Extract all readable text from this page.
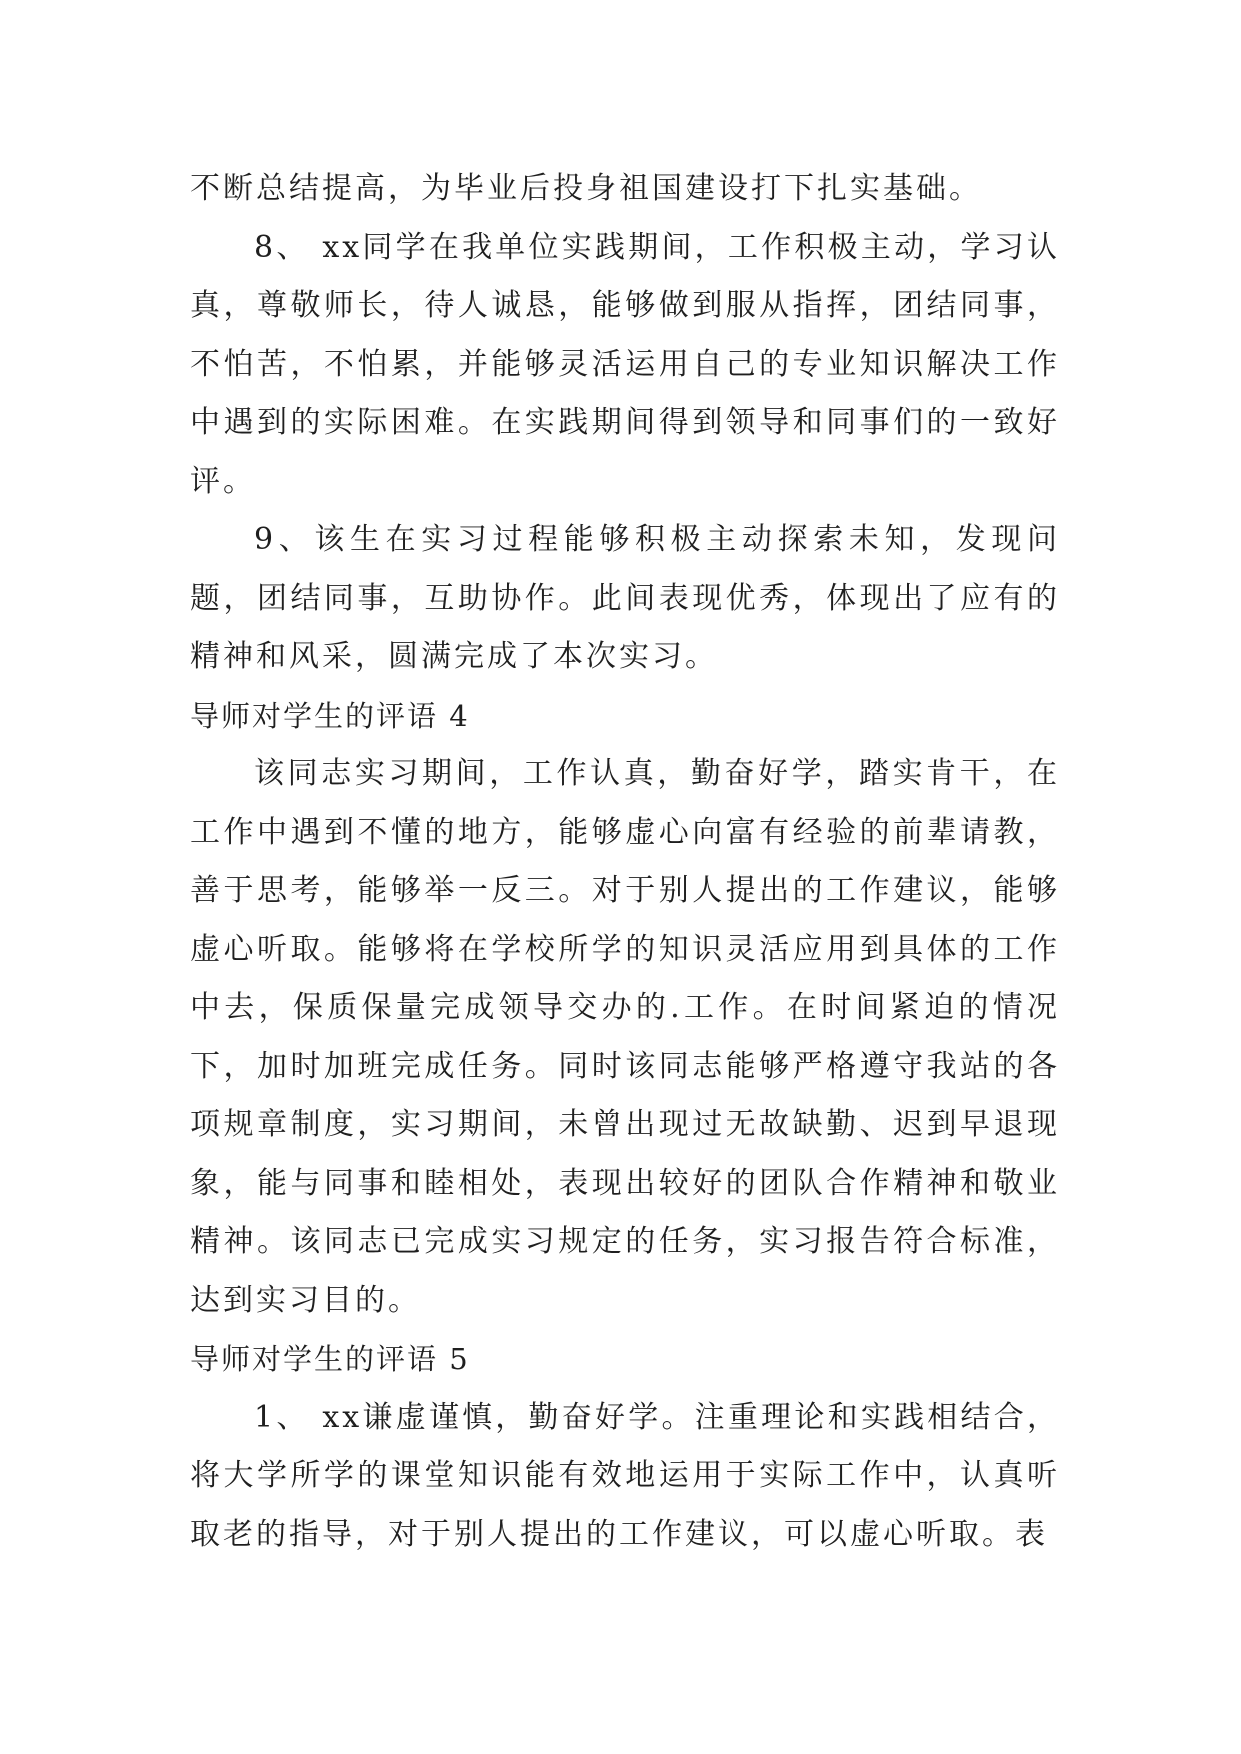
不断总结提高，为毕业后投身祖国建设打下扎实基础。

8、 xx同学在我单位实践期间，工作积极主动，学习认真，尊敬师长，待人诚恳，能够做到服从指挥，团结同事，不怕苦，不怕累，并能够灵活运用自己的专业知识解决工作中遇到的实际困难。在实践期间得到领导和同事们的一致好评。

9、该生在实习过程能够积极主动探索未知，发现问题，团结同事，互助协作。此间表现优秀，体现出了应有的精神和风采，圆满完成了本次实习。

导师对学生的评语 4

该同志实习期间，工作认真，勤奋好学，踏实肯干，在工作中遇到不懂的地方，能够虚心向富有经验的前辈请教，善于思考，能够举一反三。对于别人提出的工作建议，能够虚心听取。能够将在学校所学的知识灵活应用到具体的工作中去，保质保量完成领导交办的.工作。在时间紧迫的情况下，加时加班完成任务。同时该同志能够严格遵守我站的各项规章制度，实习期间，未曾出现过无故缺勤、迟到早退现象，能与同事和睦相处，表现出较好的团队合作精神和敬业精神。该同志已完成实习规定的任务，实习报告符合标准，达到实习目的。

导师对学生的评语 5

1、 xx谦虚谨慎，勤奋好学。注重理论和实践相结合，将大学所学的课堂知识能有效地运用于实际工作中，认真听取老的指导，对于别人提出的工作建议，可以虚心听取。表
